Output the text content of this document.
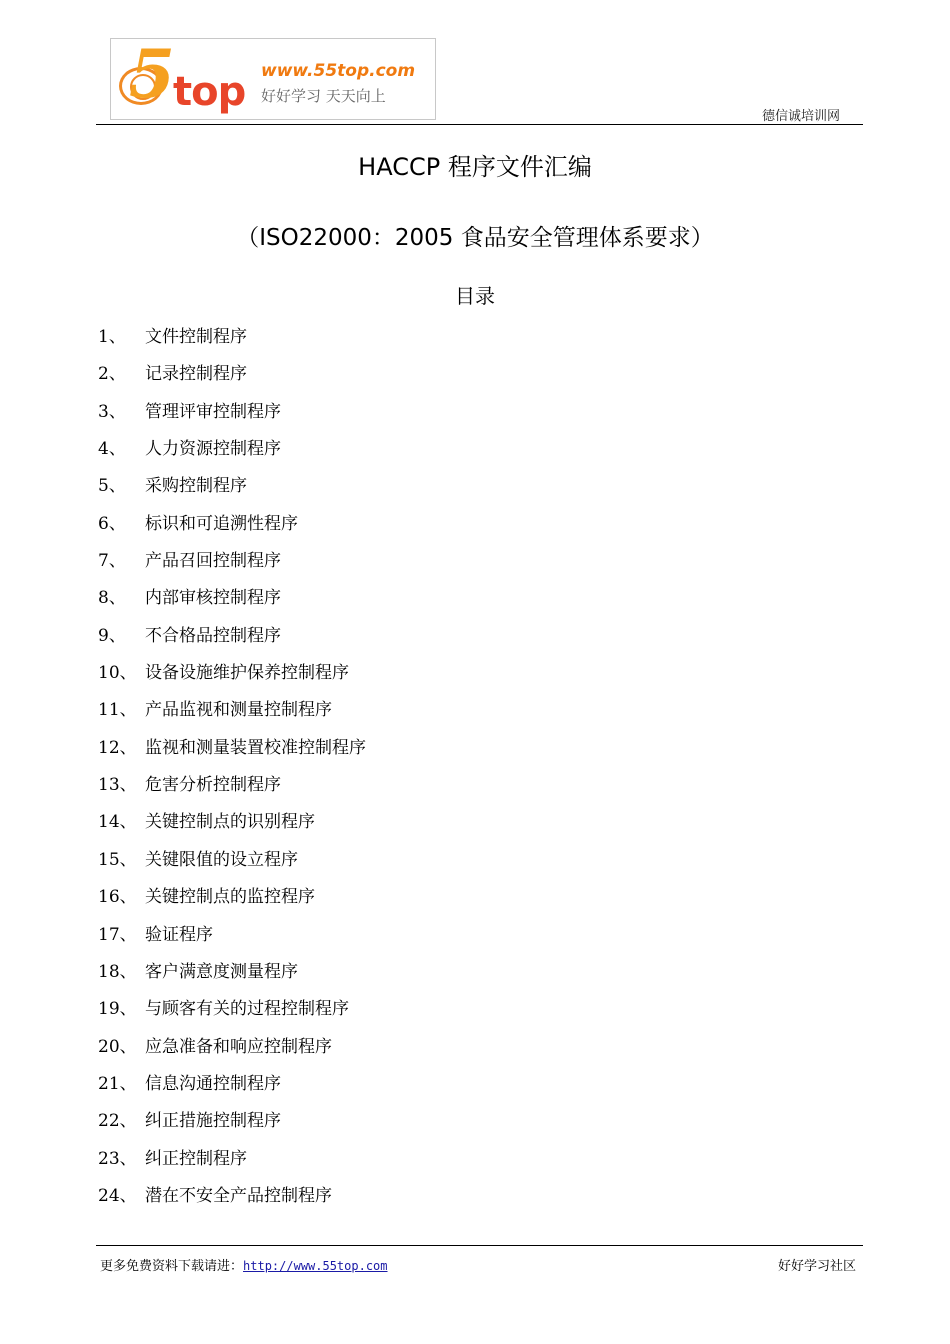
5
top www.55top.com
好好学习 天天向上
德信诚培训网
HACCP 程序文件汇编
（ISO22000：2005 食品安全管理体系要求）
目录
1、 文件控制程序
2、 记录控制程序
3、 管理评审控制程序
4、 人力资源控制程序
5、 采购控制程序
6、 标识和可追溯性程序
7、 产品召回控制程序
8、 内部审核控制程序
9、 不合格品控制程序
10、 设备设施维护保养控制程序
11、 产品监视和测量控制程序
12、 监视和测量装置校准控制程序
13、 危害分析控制程序
14、 关键控制点的识别程序
15、 关键限值的设立程序
16、 关键控制点的监控程序
17、 验证程序
18、 客户满意度测量程序
19、 与顾客有关的过程控制程序
20、 应急准备和响应控制程序
21、 信息沟通控制程序
22、 纠正措施控制程序
23、 纠正控制程序
24、 潜在不安全产品控制程序
更多免费资料下载请进：http://www.55top.com	好好学习社区
